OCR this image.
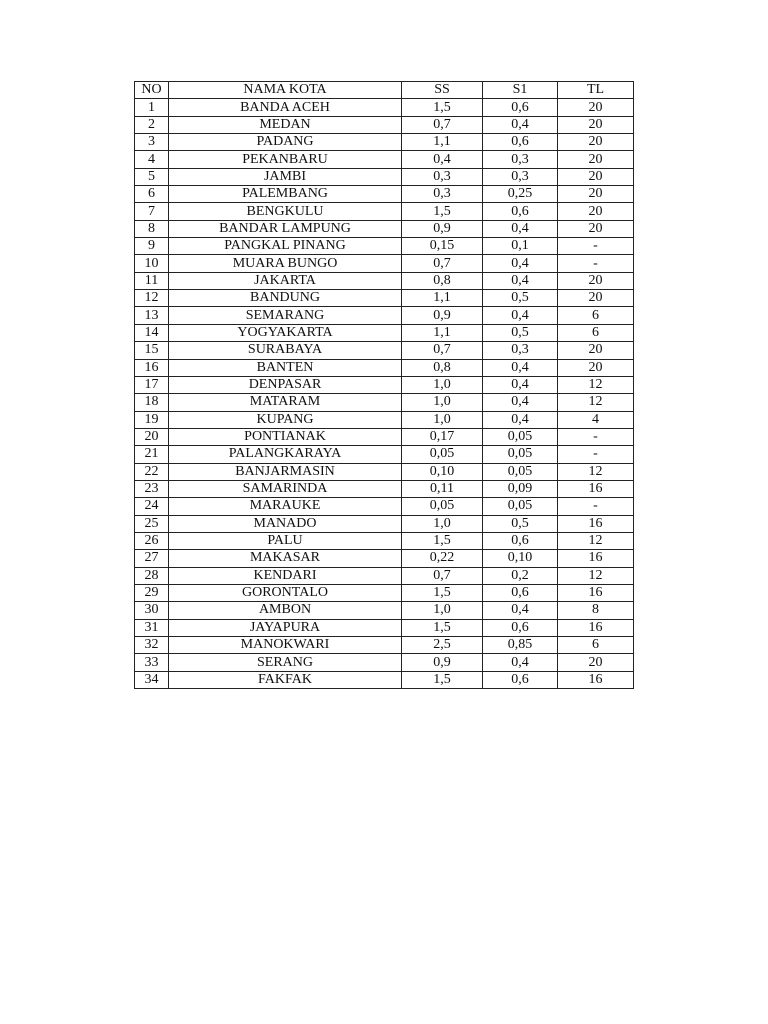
NO	NAMA KOTA	SS	S1	TL
1	BANDA ACEH	1,5	0,6	20
2	MEDAN	0,7	0,4	20
3	PADANG	1,1	0,6	20
4	PEKANBARU	0,4	0,3	20
5	JAMBI	0,3	0,3	20
6	PALEMBANG	0,3	0,25	20
7	BENGKULU	1,5	0,6	20
8	BANDAR LAMPUNG	0,9	0,4	20
9	PANGKAL PINANG	0,15	0,1	-
10	MUARA BUNGO	0,7	0,4	-
11	JAKARTA	0,8	0,4	20
12	BANDUNG	1,1	0,5	20
13	SEMARANG	0,9	0,4	6
14	YOGYAKARTA	1,1	0,5	6
15	SURABAYA	0,7	0,3	20
16	BANTEN	0,8	0,4	20
17	DENPASAR	1,0	0,4	12
18	MATARAM	1,0	0,4	12
19	KUPANG	1,0	0,4	4
20	PONTIANAK	0,17	0,05	-
21	PALANGKARAYA	0,05	0,05	-
22	BANJARMASIN	0,10	0,05	12
23	SAMARINDA	0,11	0,09	16
24	MARAUKE	0,05	0,05	-
25	MANADO	1,0	0,5	16
26	PALU	1,5	0,6	12
27	MAKASAR	0,22	0,10	16
28	KENDARI	0,7	0,2	12
29	GORONTALO	1,5	0,6	16
30	AMBON	1,0	0,4	8
31	JAYAPURA	1,5	0,6	16
32	MANOKWARI	2,5	0,85	6
33	SERANG	0,9	0,4	20
34	FAKFAK	1,5	0,6	16
